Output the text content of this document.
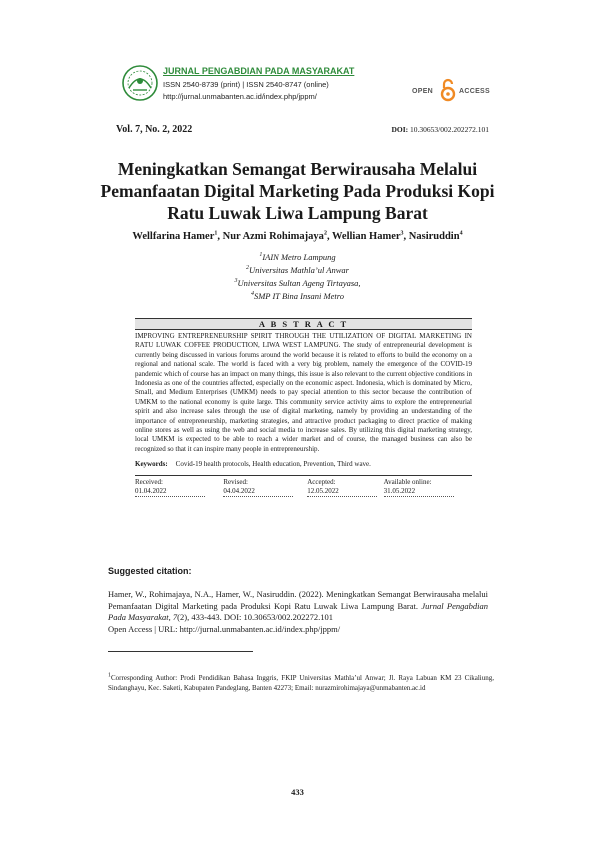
JURNAL PENGABDIAN PADA MASYARAKAT
ISSN 2540-8739 (print) | ISSN 2540-8747 (online)
http://jurnal.unmabanten.ac.id/index.php/jppm/
OPEN	ACCESS
Vol. 7, No. 2, 2022	DOI: 10.30653/002.202272.101
Meningkatkan Semangat Berwirausaha Melalui Pemanfaatan Digital Marketing Pada Produksi Kopi Ratu Luwak Liwa Lampung Barat
Wellfarina Hamer$^1$, Nur Azmi Rohimajaya$^2$, Wellian Hamer$^3$, Nasiruddin$^4$
$^1$IAIN Metro Lampung
$^2$Universitas Mathla’ul Anwar
$^3$Universitas Sultan Ageng Tirtayasa,
$^4$SMP IT Bina Insani Metro
A B S T R A C T
IMPROVING ENTREPRENEURSHIP SPIRIT THROUGH THE UTILIZATION OF DIGITAL MARKETING IN RATU LUWAK COFFEE PRODUCTION, LIWA WEST LAMPUNG. The study of entrepreneurial development is currently being discussed in various forums around the world because it is related to efforts to build the economy on a regional and national scale. The world is faced with a very big problem, namely the emergence of the COVID-19 pandemic which of course has an impact on many things, this issue is also relevant to the current objective conditions in Indonesia as one of the countries affected, especially on the economic aspect. Indonesia, which is dominated by Micro, Small, and Medium Enterprises (UMKM) needs to pay special attention to this sector because the contribution of UMKM to the national economy is quite large. This community service activity aims to explore the entrepreneurial spirit and also increase sales through the use of digital marketing, namely by providing an understanding of the importance of entrepreneurship, marketing strategies, and attractive product packaging to direct practice of making online stores as well as using the web and social media to increase sales. By utilizing this digital marketing strategy, local UMKM is expected to be able to reach a wider market and of course, the managed business can also be recognized so that it can inspire many people in entrepreneurship.
Keywords: Covid-19 health protocols, Health education, Prevention, Third wave.
Received:
01.04.2022
Revised:
04.04.2022
Accepted:
12.05.2022
Available online:
31.05.2022
Suggested citation:
Hamer, W., Rohimajaya, N.A., Hamer, W., Nasiruddin. (2022). Meningkatkan Semangat Berwirausaha melalui Pemanfaatan Digital Marketing pada Produksi Kopi Ratu Luwak Liwa Lampung Barat. Jurnal Pengabdian Pada Masyarakat, 7(2), 433-443. DOI: 10.30653/002.202272.101
Open Access | URL: http://jurnal.unmabanten.ac.id/index.php/jppm/
$^1$Corresponding Author: Prodi Pendidikan Bahasa Inggris, FKIP Universitas Mathla’ul Anwar; Jl. Raya Labuan KM 23 Cikaliung, Sindanghayu, Kec. Saketi, Kabupaten Pandeglang, Banten 42273; Email: nurazmirohimajaya@unmabanten.ac.id
433
